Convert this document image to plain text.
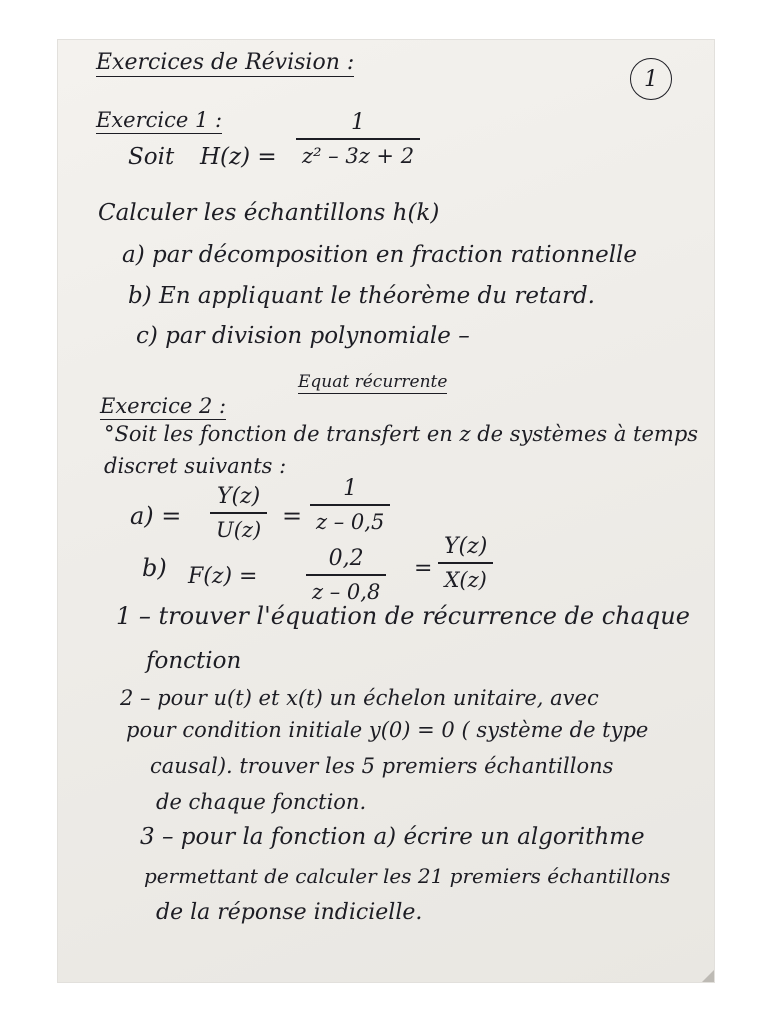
Exercices de Révision :
1
Exercice 1 :
Soit H(z) =
1
z² – 3z + 2
Calculer les échantillons h(k)
a) par décomposition en fraction rationnelle
b) En appliquant le théorème du retard.
c) par division polynomiale –
Equat récurrente
Exercice 2 :
°Soit les fonction de transfert en z de systèmes à temps
discret suivants :
a) =
Y(z)
U(z) =
1
z – 0,5
b) F(z) =
0,2
z – 0,8
=
Y(z)
X(z)
1 – trouver l'équation de récurrence de chaque
fonction
2 – pour u(t) et x(t) un échelon unitaire, avec
pour condition initiale y(0) = 0 ( système de type
causal). trouver les 5 premiers échantillons
de chaque fonction.
3 – pour la fonction a) écrire un algorithme
permettant de calculer les 21 premiers échantillons
de la réponse indicielle.
